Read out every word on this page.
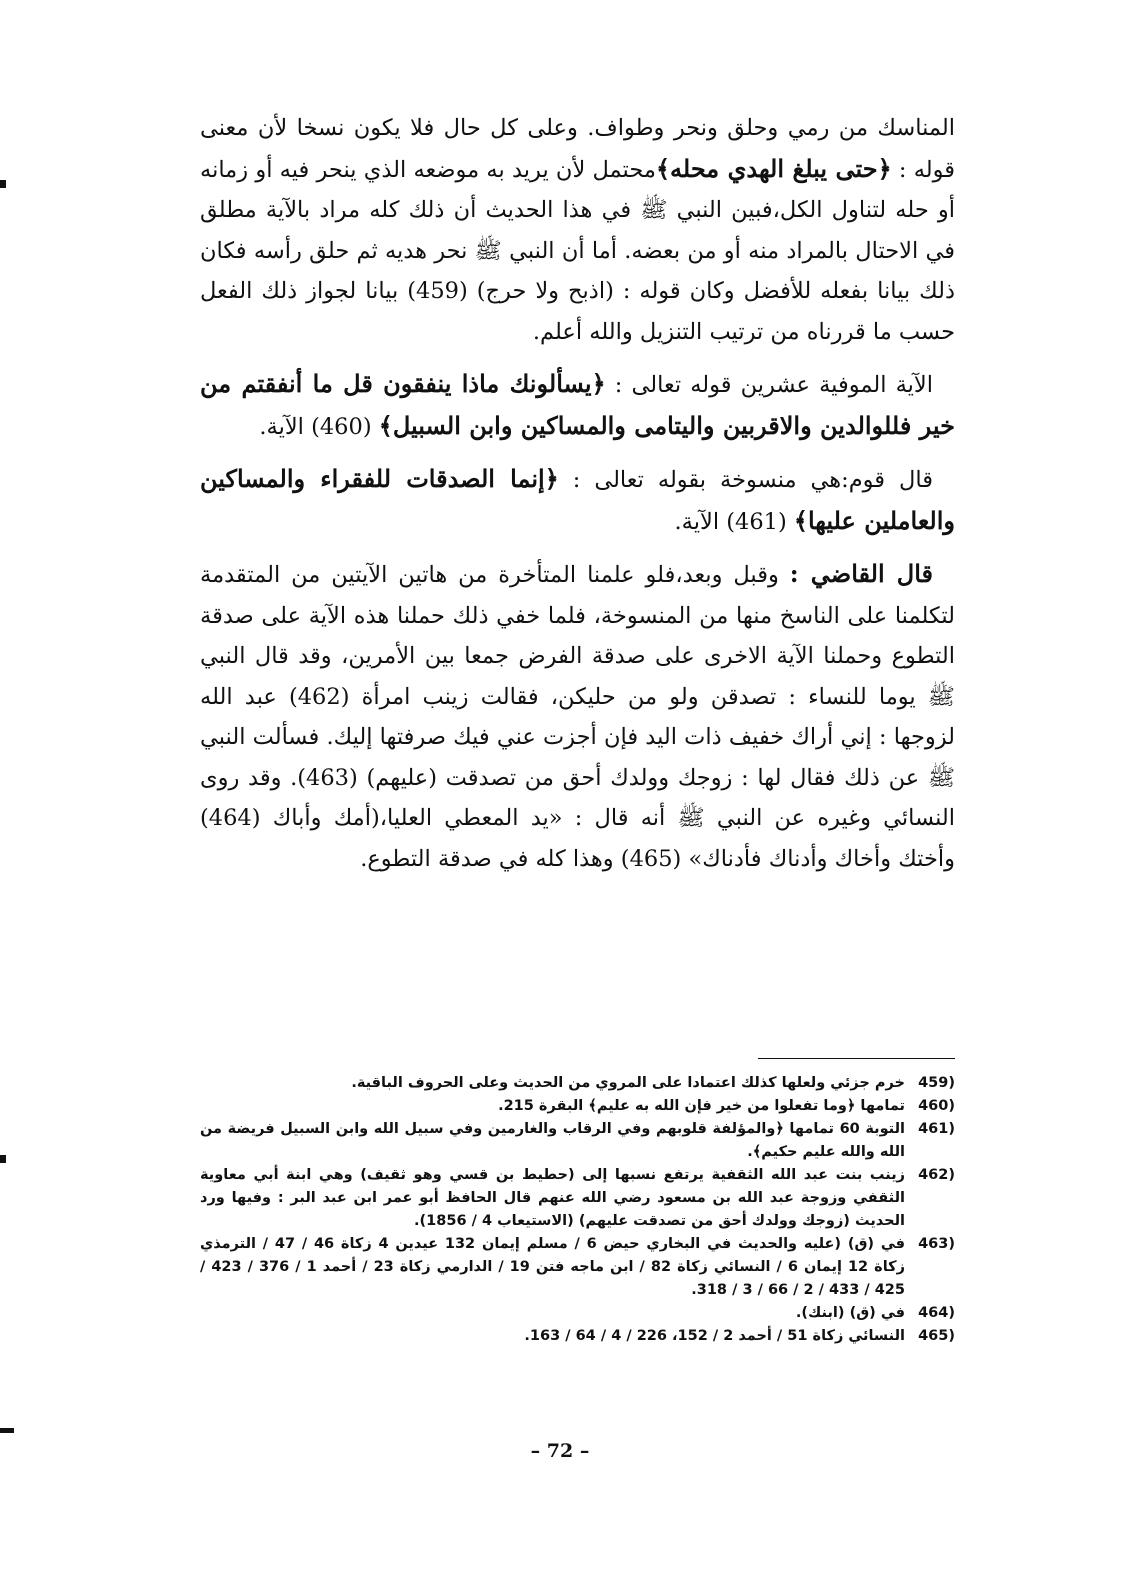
المناسك من رمي وحلق ونحر وطواف. وعلى كل حال فلا يكون نسخا لأن معنى قوله : ﴿حتى يبلغ الهدي محله﴾محتمل لأن يريد به موضعه الذي ينحر فيه أو زمانه أو حله لتناول الكل،فبين النبي ﷺ في هذا الحديث أن ذلك كله مراد بالآية مطلق في الاحتال بالمراد منه أو من بعضه. أما أن النبي ﷺ نحر هديه ثم حلق رأسه فكان ذلك بيانا بفعله للأفضل وكان قوله : (اذبح ولا حرج) (459) بيانا لجواز ذلك الفعل حسب ما قررناه من ترتيب التنزيل والله أعلم.

الآية الموفية عشرين قوله تعالى : ﴿يسألونك ماذا ينفقون قل ما أنفقتم من خير فللوالدين والاقربين واليتامى والمساكين وابن السبيل﴾ (460) الآية.

قال قوم:هي منسوخة بقوله تعالى : ﴿إنما الصدقات للفقراء والمساكين والعاملين عليها﴾ (461) الآية.

قال القاضي : وقبل وبعد،فلو علمنا المتأخرة من هاتين الآيتين من المتقدمة لتكلمنا على الناسخ منها من المنسوخة، فلما خفي ذلك حملنا هذه الآية على صدقة التطوع وحملنا الآية الاخرى على صدقة الفرض جمعا بين الأمرين، وقد قال النبي ﷺ يوما للنساء : تصدقن ولو من حليكن، فقالت زينب امرأة (462) عبد الله لزوجها : إني أراك خفيف ذات اليد فإن أجزت عني فيك صرفتها إليك. فسألت النبي ﷺ عن ذلك فقال لها : زوجك وولدك أحق من تصدقت (عليهم) (463). وقد روى النسائي وغيره عن النبي ﷺ أنه قال : «يد المعطي العليا،(أمك وأباك (464) وأختك وأخاك وأدناك فأدناك» (465) وهذا كله في صدقة التطوع.

459)
خرم جزئي ولعلها كذلك اعتمادا على المروي من الحديث وعلى الحروف الباقية.
460)
تمامها ﴿وما تفعلوا من خير فإن الله به عليم﴾ البقرة 215.
461)
التوبة 60 تمامها ﴿والمؤلفة قلوبهم وفي الرقاب والغارمين وفي سبيل الله وابن السبيل فريضة من الله والله عليم حكيم﴾.
462)
زينب بنت عبد الله الثقفية يرتفع نسبها إلى (حطيط بن قسي وهو ثقيف) وهي ابنة أبي معاوية الثقفي وزوجة عبد الله بن مسعود رضي الله عنهم قال الحافظ أبو عمر ابن عبد البر : وفيها ورد الحديث (زوجك وولدك أحق من تصدقت عليهم) (الاستيعاب 4 / 1856).
463)
في (ق) (عليه والحديث في البخاري حيض 6 / مسلم إيمان 132 عيدين 4 زكاة 46 / 47 / الترمذي زكاة 12 إيمان 6 / النسائي زكاة 82 / ابن ماجه فتن 19 / الدارمي زكاة 23 / أحمد 1 / 376 / 423 / 425 / 433 / 2 / 66 / 3 / 318.
464)
في (ق) (ابنك).
465)
النسائي زكاة 51 / أحمد 2 / 152، 226 / 4 / 64 / 163.
– 72 –
